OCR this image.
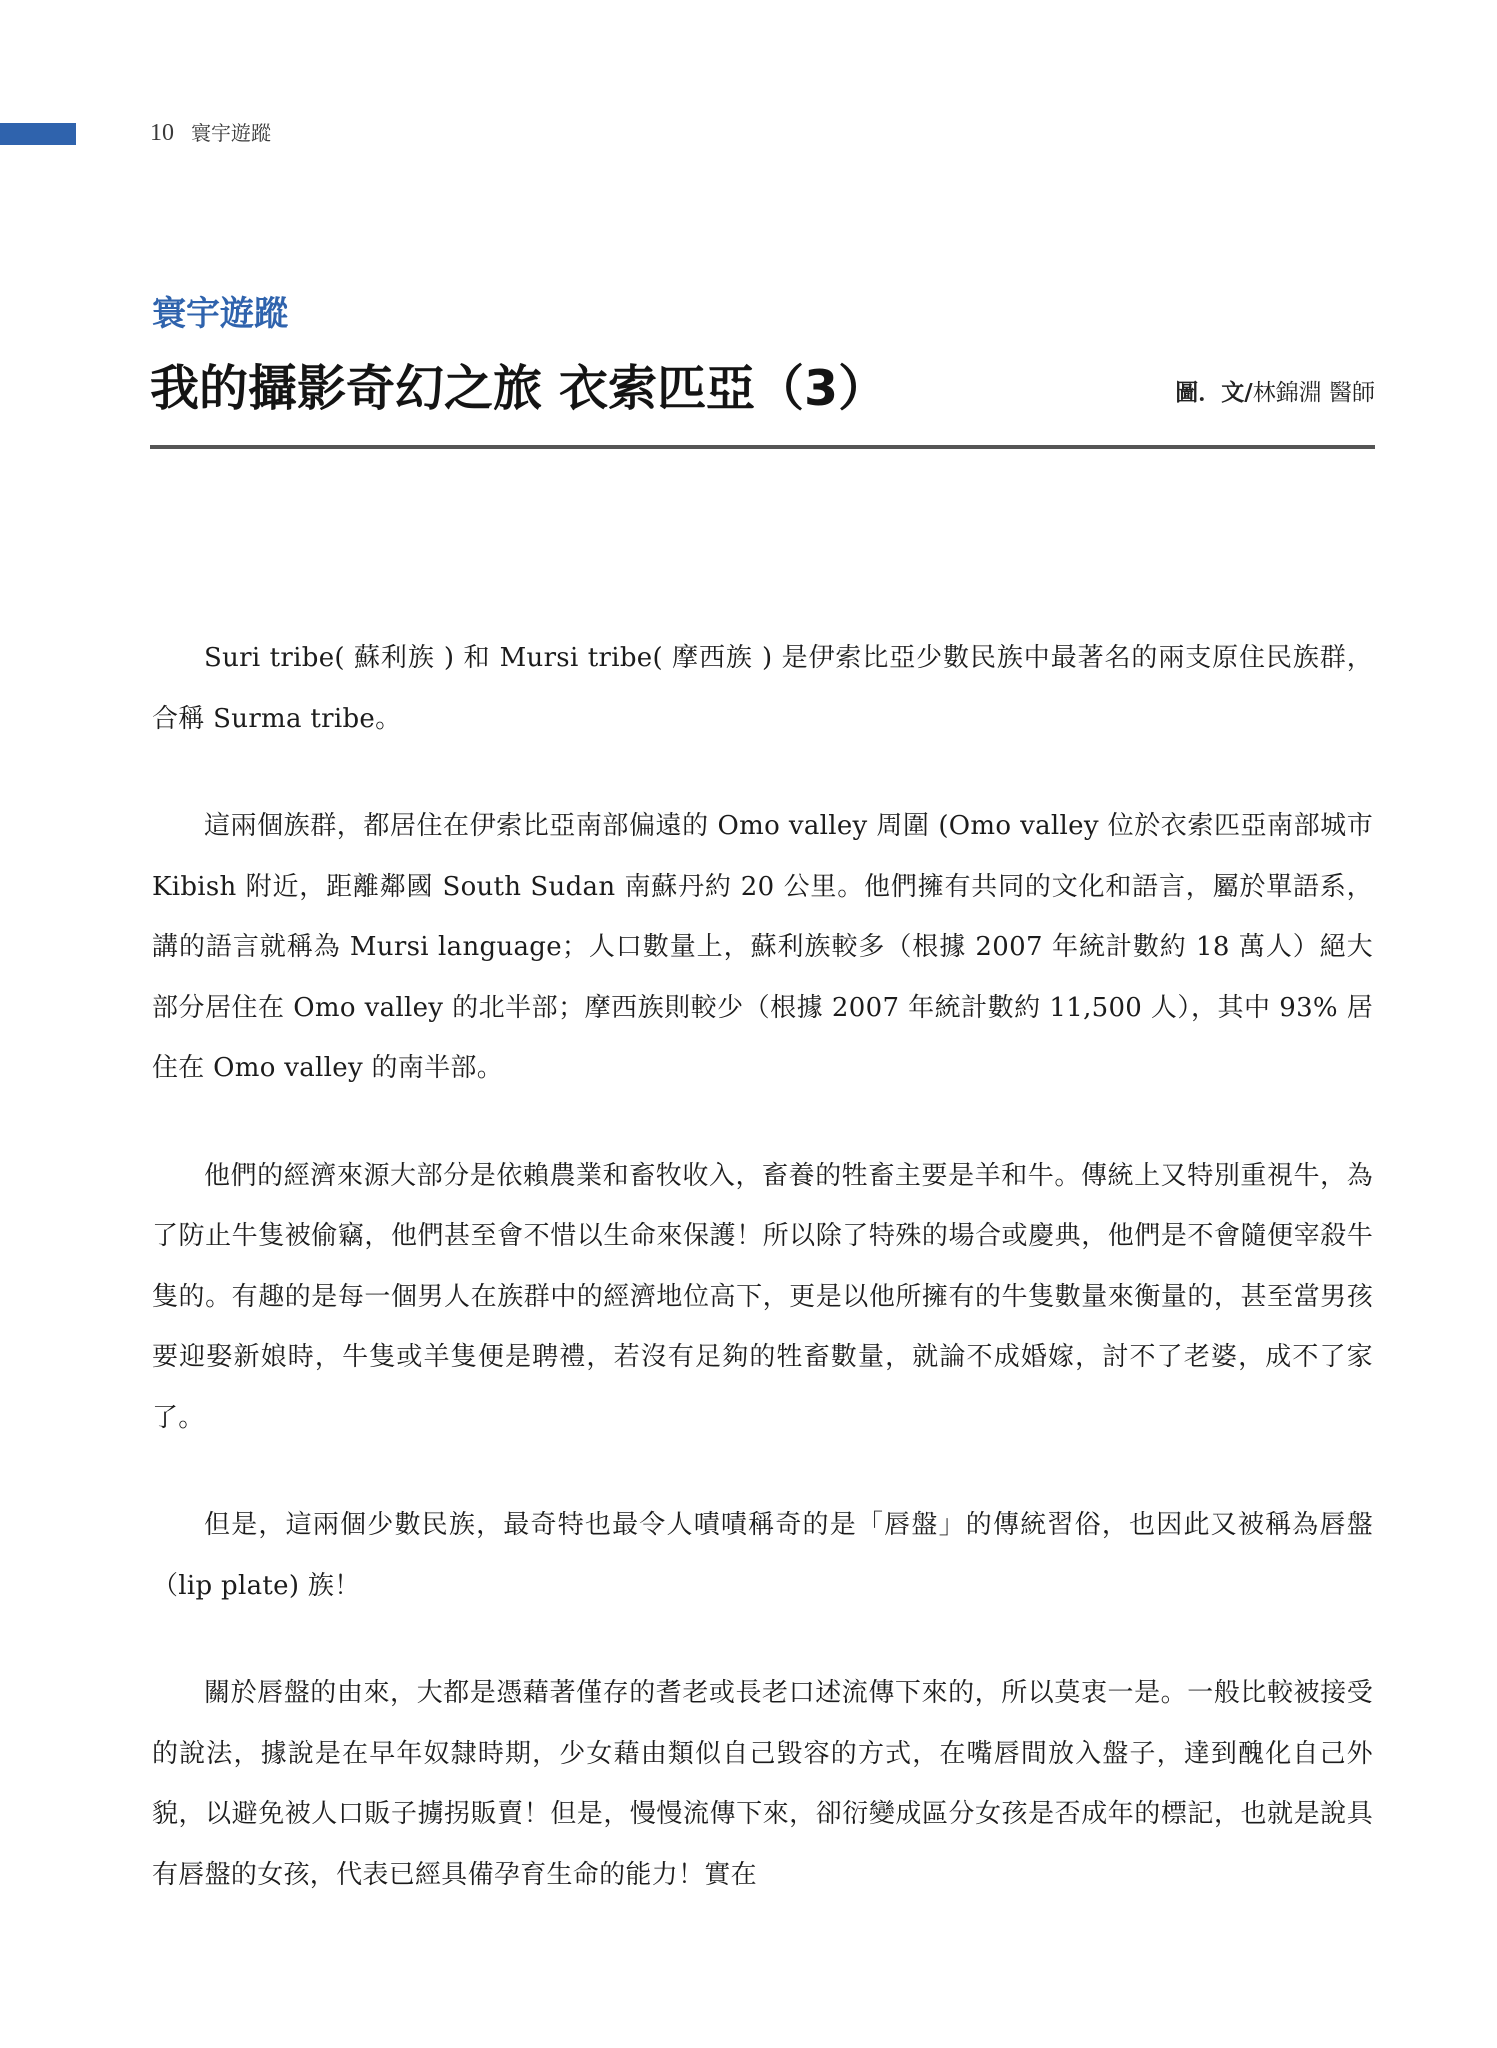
10 寰宇遊蹤
寰宇遊蹤
我的攝影奇幻之旅 衣索匹亞（3）	圖．文/林錦淵 醫師

Suri tribe( 蘇利族 ) 和 Mursi tribe( 摩西族 ) 是伊索比亞少數民族中最著名的兩支原住民族群，合稱 Surma tribe。

這兩個族群，都居住在伊索比亞南部偏遠的 Omo valley 周圍 (Omo valley 位於衣索匹亞南部城市 Kibish 附近，距離鄰國 South Sudan 南蘇丹約 20 公里。他們擁有共同的文化和語言，屬於單語系，講的語言就稱為 Mursi language；人口數量上，蘇利族較多（根據 2007 年統計數約 18 萬人）絕大部分居住在 Omo valley 的北半部；摩西族則較少（根據 2007 年統計數約 11,500 人），其中 93% 居住在 Omo valley 的南半部。

他們的經濟來源大部分是依賴農業和畜牧收入，畜養的牲畜主要是羊和牛。傳統上又特別重視牛，為了防止牛隻被偷竊，他們甚至會不惜以生命來保護！所以除了特殊的場合或慶典，他們是不會隨便宰殺牛隻的。有趣的是每一個男人在族群中的經濟地位高下，更是以他所擁有的牛隻數量來衡量的，甚至當男孩要迎娶新娘時，牛隻或羊隻便是聘禮，若沒有足夠的牲畜數量，就論不成婚嫁，討不了老婆，成不了家了。

但是，這兩個少數民族，最奇特也最令人嘖嘖稱奇的是「唇盤」的傳統習俗，也因此又被稱為唇盤（lip plate) 族！

關於唇盤的由來，大都是憑藉著僅存的耆老或長老口述流傳下來的，所以莫衷一是。一般比較被接受的說法，據說是在早年奴隸時期，少女藉由類似自己毀容的方式，在嘴唇間放入盤子，達到醜化自己外貌，以避免被人口販子擄拐販賣！但是，慢慢流傳下來，卻衍變成區分女孩是否成年的標記，也就是說具有唇盤的女孩，代表已經具備孕育生命的能力！實在
